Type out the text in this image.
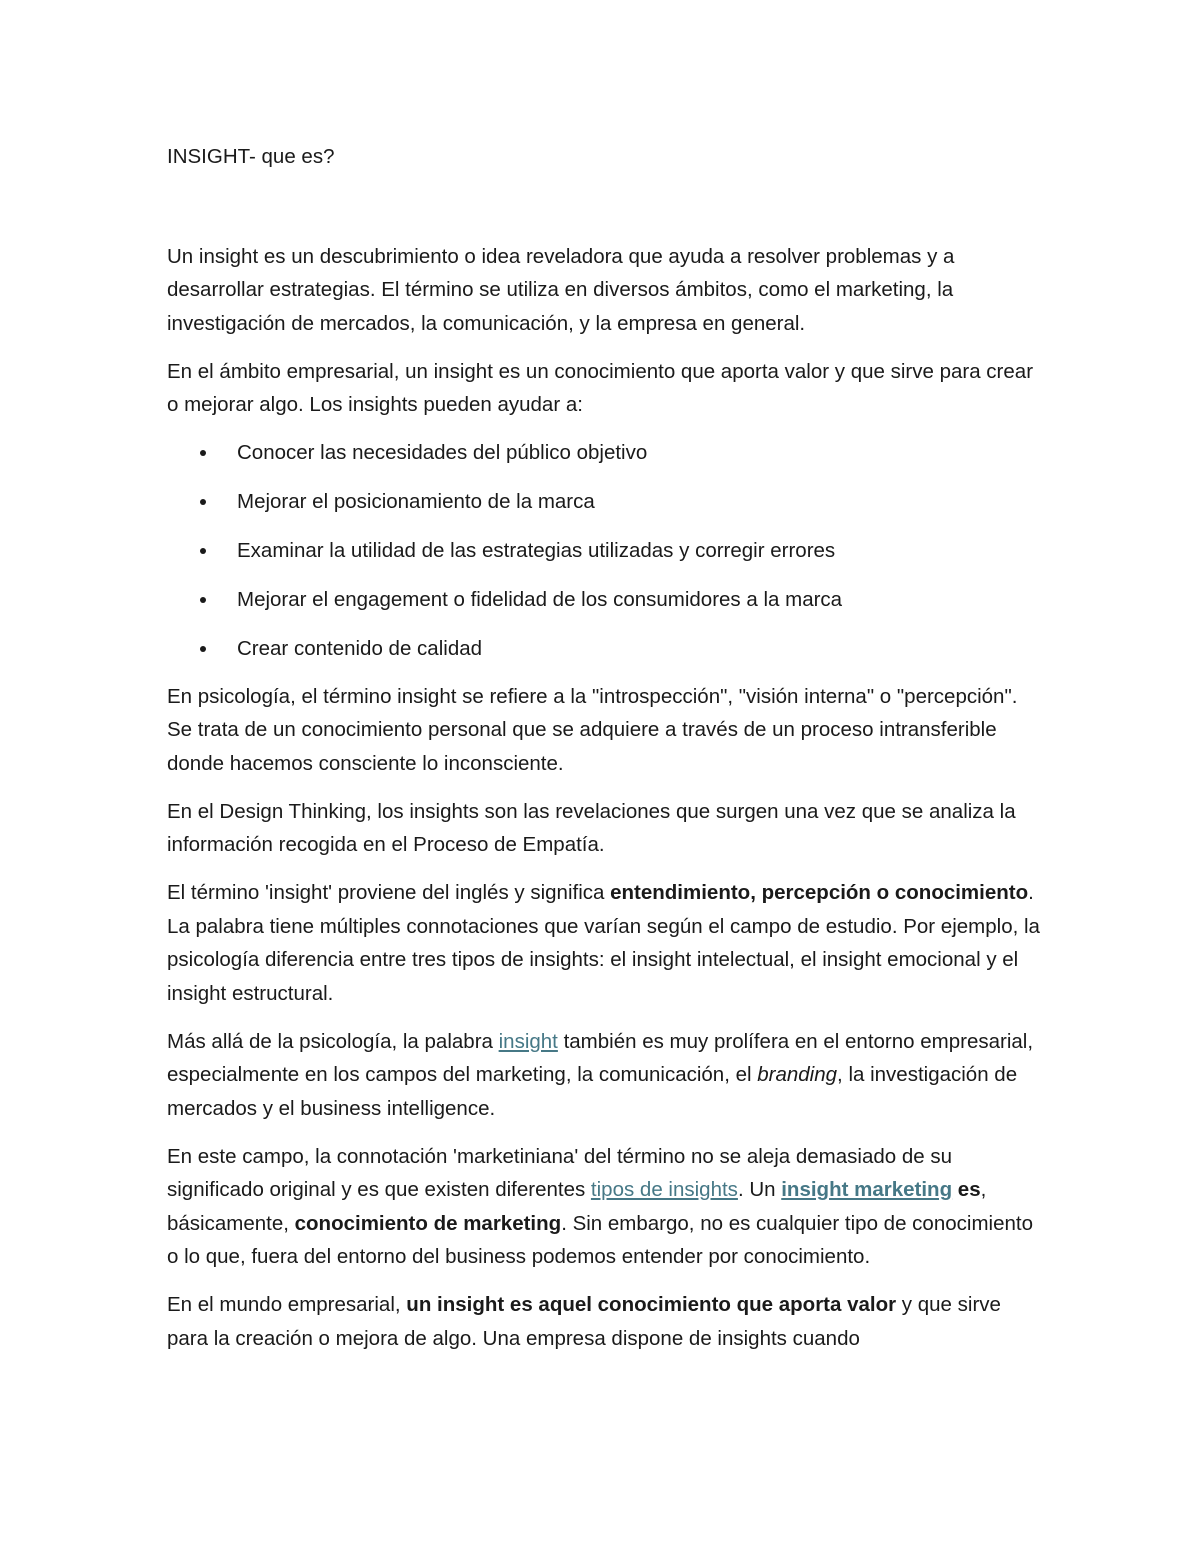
INSIGHT- que es?

Un insight es un descubrimiento o idea reveladora que ayuda a resolver problemas y a desarrollar estrategias. El término se utiliza en diversos ámbitos, como el marketing, la investigación de mercados, la comunicación, y la empresa en general.

En el ámbito empresarial, un insight es un conocimiento que aporta valor y que sirve para crear o mejorar algo. Los insights pueden ayudar a:

Conocer las necesidades del público objetivo
Mejorar el posicionamiento de la marca
Examinar la utilidad de las estrategias utilizadas y corregir errores
Mejorar el engagement o fidelidad de los consumidores a la marca
Crear contenido de calidad

En psicología, el término insight se refiere a la "introspección", "visión interna" o "percepción". Se trata de un conocimiento personal que se adquiere a través de un proceso intransferible donde hacemos consciente lo inconsciente.

En el Design Thinking, los insights son las revelaciones que surgen una vez que se analiza la información recogida en el Proceso de Empatía.

El término 'insight' proviene del inglés y significa entendimiento, percepción o conocimiento. La palabra tiene múltiples connotaciones que varían según el campo de estudio. Por ejemplo, la psicología diferencia entre tres tipos de insights: el insight intelectual, el insight emocional y el insight estructural.

Más allá de la psicología, la palabra insight también es muy prolífera en el entorno empresarial, especialmente en los campos del marketing, la comunicación, el branding, la investigación de mercados y el business intelligence.

En este campo, la connotación 'marketiniana' del término no se aleja demasiado de su significado original y es que existen diferentes tipos de insights. Un insight marketing es, básicamente, conocimiento de marketing. Sin embargo, no es cualquier tipo de conocimiento o lo que, fuera del entorno del business podemos entender por conocimiento.

En el mundo empresarial, un insight es aquel conocimiento que aporta valor y que sirve para la creación o mejora de algo. Una empresa dispone de insights cuando
